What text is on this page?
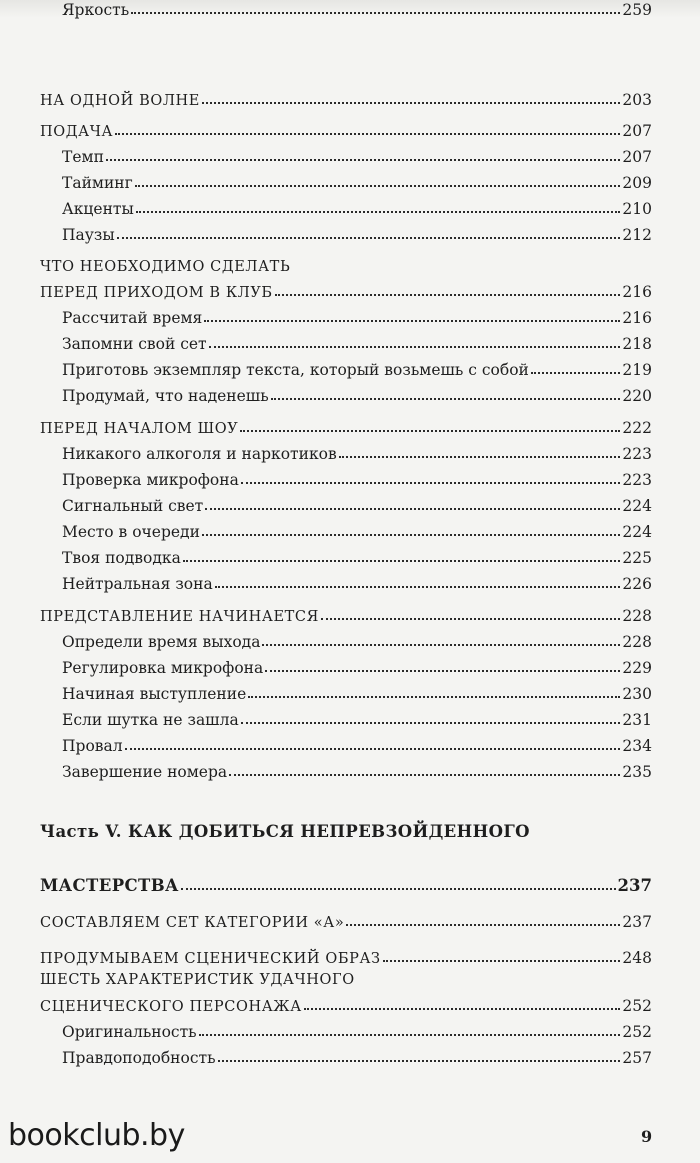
НА ОДНОЙ ВОЛНЕ	203
ПОДАЧА	207
Темп	207
Тайминг	209
Акценты	210
Паузы	212
ЧТО НЕОБХОДИМО СДЕЛАТЬ
ПЕРЕД ПРИХОДОМ В КЛУБ	216
Рассчитай время	216
Запомни свой сет	218
Приготовь экземпляр текста, который возьмешь с собой	219
Продумай, что наденешь	220
ПЕРЕД НАЧАЛОМ ШОУ	222
Никакого алкоголя и наркотиков	223
Проверка микрофона	223
Сигнальный свет	224
Место в очереди	224
Твоя подводка	225
Нейтральная зона	226
ПРЕДСТАВЛЕНИЕ НАЧИНАЕТСЯ	228
Определи время выхода	228
Регулировка микрофона	229
Начиная выступление	230
Если шутка не зашла	231
Провал	234
Завершение номера	235
Часть V. КАК ДОБИТЬСЯ НЕПРЕВЗОЙДЕННОГО
МАСТЕРСТВА	237
СОСТАВЛЯЕМ СЕТ КАТЕГОРИИ «А»	237
ПРОДУМЫВАЕМ СЦЕНИЧЕСКИЙ ОБРАЗ	248
ШЕСТЬ ХАРАКТЕРИСТИК УДАЧНОГО
СЦЕНИЧЕСКОГО ПЕРСОНАЖА	252
Оригинальность	252
Правдоподобность	257
Яркость	259
9
bookclub.by
